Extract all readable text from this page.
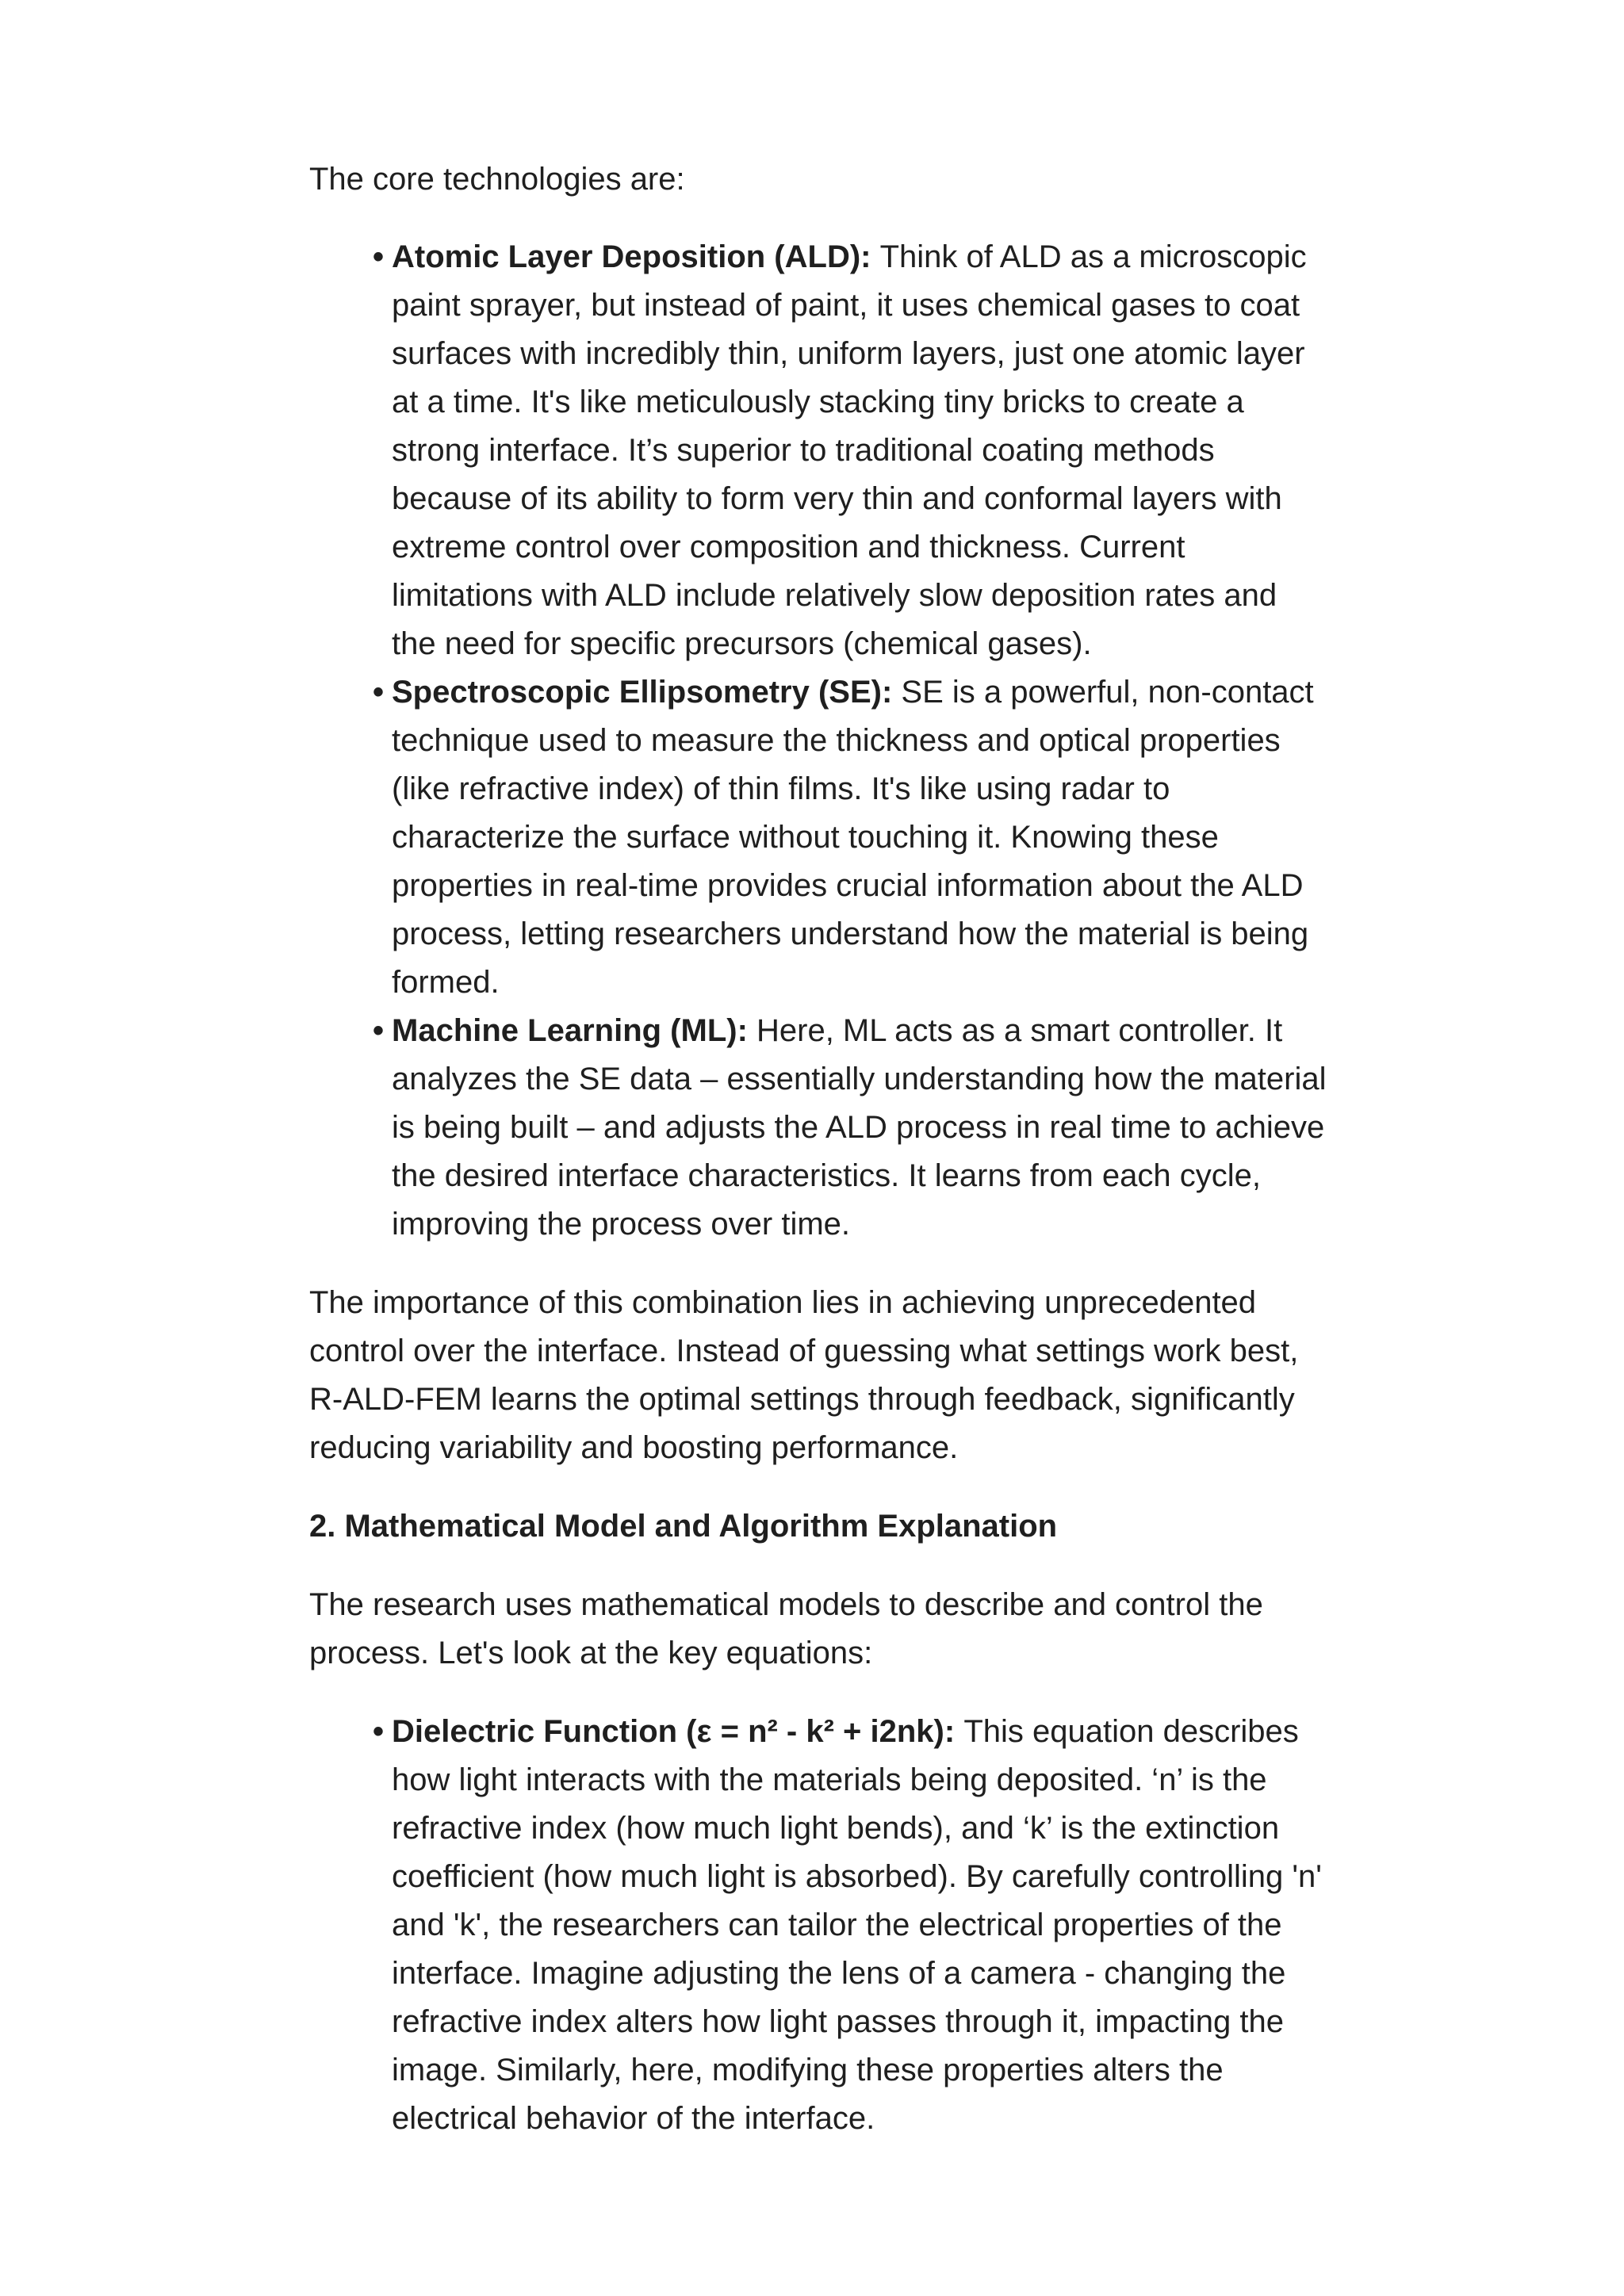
The core technologies are:

• Atomic Layer Deposition (ALD): Think of ALD as a microscopic paint sprayer, but instead of paint, it uses chemical gases to coat surfaces with incredibly thin, uniform layers, just one atomic layer at a time. It's like meticulously stacking tiny bricks to create a strong interface. It’s superior to traditional coating methods because of its ability to form very thin and conformal layers with extreme control over composition and thickness. Current limitations with ALD include relatively slow deposition rates and the need for specific precursors (chemical gases).
• Spectroscopic Ellipsometry (SE): SE is a powerful, non-contact technique used to measure the thickness and optical properties (like refractive index) of thin films. It's like using radar to characterize the surface without touching it. Knowing these properties in real-time provides crucial information about the ALD process, letting researchers understand how the material is being formed.
• Machine Learning (ML): Here, ML acts as a smart controller. It analyzes the SE data – essentially understanding how the material is being built – and adjusts the ALD process in real time to achieve the desired interface characteristics. It learns from each cycle, improving the process over time.

The importance of this combination lies in achieving unprecedented control over the interface. Instead of guessing what settings work best, R-ALD-FEM learns the optimal settings through feedback, significantly reducing variability and boosting performance.

2. Mathematical Model and Algorithm Explanation

The research uses mathematical models to describe and control the process. Let's look at the key equations:

• Dielectric Function (ε = n² - k² + i2nk): This equation describes how light interacts with the materials being deposited. ‘n’ is the refractive index (how much light bends), and ‘k’ is the extinction coefficient (how much light is absorbed). By carefully controlling 'n' and 'k', the researchers can tailor the electrical properties of the interface. Imagine adjusting the lens of a camera - changing the refractive index alters how light passes through it, impacting the image. Similarly, here, modifying these properties alters the electrical behavior of the interface.
